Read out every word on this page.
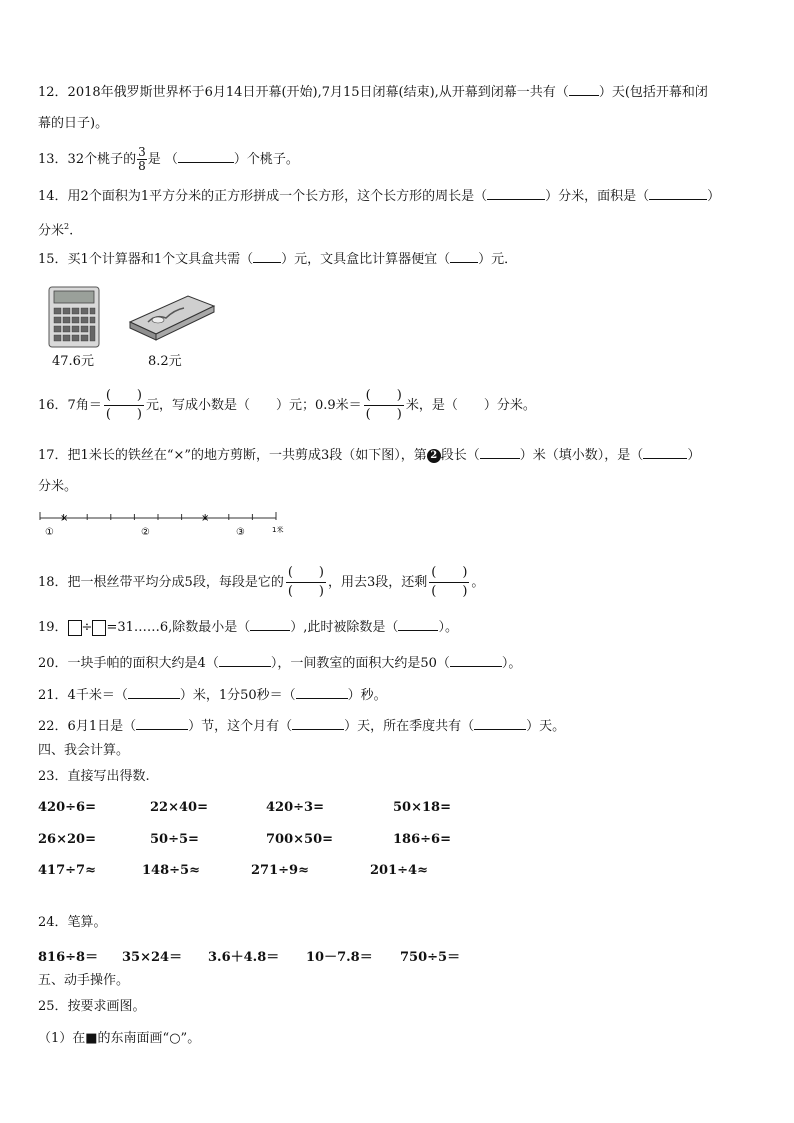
12．2018年俄罗斯世界杯于6月14日开幕(开始),7月15日闭幕(结束),从开幕到闭幕一共有（ ）天(包括开幕和闭
幕的日子)。
13．32个桃子的 $\frac{3}{8}$ 是 （	）个桃子。
14．用2个面积为1平方分米的正方形拼成一个长方形，这个长方形的周长是（	）分米，面积是（	）
分米$^2$.
15．买1个计算器和1个文具盒共需（ ）元，文具盒比计算器便宜（ ）元．
47.6元	8.2元
16．7角＝ $\frac{( )}{( )}$ 元，写成小数是（　　）元；0.9米＝ $\frac{( )}{( )}$ 米，是（　　）分米。
17．把1米长的铁丝在“×”的地方剪断，一共剪成3段（如下图），第 2 段长（	）米（填小数），是（	）
分米。
×	×
①	②	③	1米
18．把一根丝带平均分成5段，每段是它的 $\frac{( )}{( )}$ ，用去3段，还剩 $\frac{( )}{( )}$ 。
19． ÷ =31……6,除数最小是（	）,此时被除数是（	）。
20．一块手帕的面积大约是4（	），一间教室的面积大约是50（	）。
21．4千米＝（	）米，1分50秒＝（	）秒。
22．6月1日是（	）节，这个月有（	）天，所在季度共有（	）天。
四、我会计算。
23．直接写出得数.
420÷6=	22×40=	420÷3=	50×18=
26×20=	50÷5=	700×50=	186÷6=
417÷7≈	148÷5≈	271÷9≈	201÷4≈
24．笔算。
816÷8＝ 35×24＝ 3.6＋4.8＝ 10－7.8＝ 750÷5＝
五、动手操作。
25．按要求画图。
（1）在■的东南面画“○”。
